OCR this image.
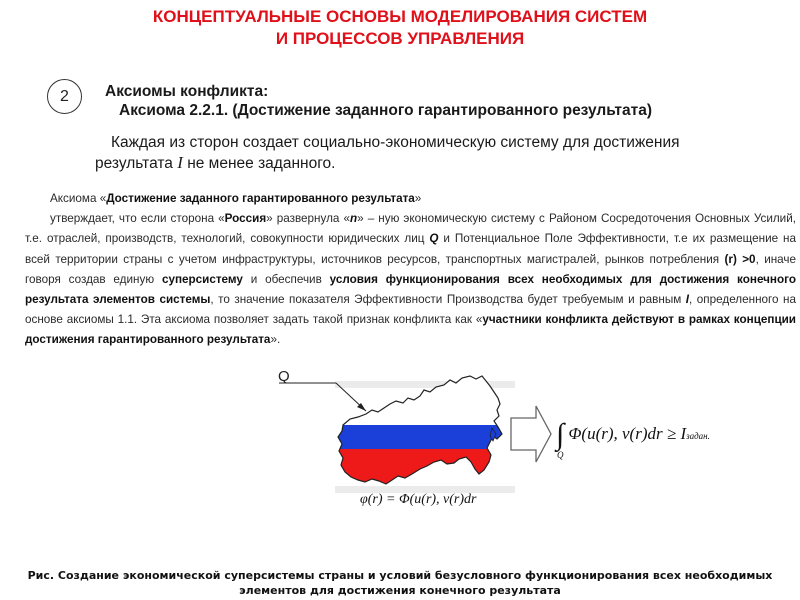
КОНЦЕПТУАЛЬНЫЕ ОСНОВЫ МОДЕЛИРОВАНИЯ СИСТЕМ
И ПРОЦЕССОВ УПРАВЛЕНИЯ
2	Аксиомы конфликта:
Аксиома 2.2.1. (Достижение заданного гарантированного результата)
Каждая из сторон создает социально-экономическую систему для достижения
результата I не менее заданного.
Аксиома «Достижение заданного гарантированного результата»
утверждает, что если сторона «Россия» развернула «n» – ную экономическую систему с Районом Сосредоточения Основных Усилий, т.е. отраслей, производств, технологий, совокупности юридических лиц Q и Потенциальное Поле Эффективности, т.е их размещение на всей территории страны с учетом инфраструктуры, источников ресурсов, транспортных магистралей, рынков потребления (r) >0, иначе говоря создав единую суперсистему и обеспечив условия функционирования всех необходимых для достижения конечного результата элементов системы, то значение показателя Эффективности Производства будет требуемым и равным I, определенного на основе аксиомы 1.1. Эта аксиома позволяет задать такой признак конфликта как «участники конфликта действуют в рамках концепции достижения гарантированного результата».
Q
∫ Φ(u(r), v(r)dr ≥ Iзадан.
Q
φ(r) = Φ(u(r), v(r)dr
Рис. Создание экономической суперсистемы страны и условий безусловного функционирования всех необходимых
элементов для достижения конечного результата
